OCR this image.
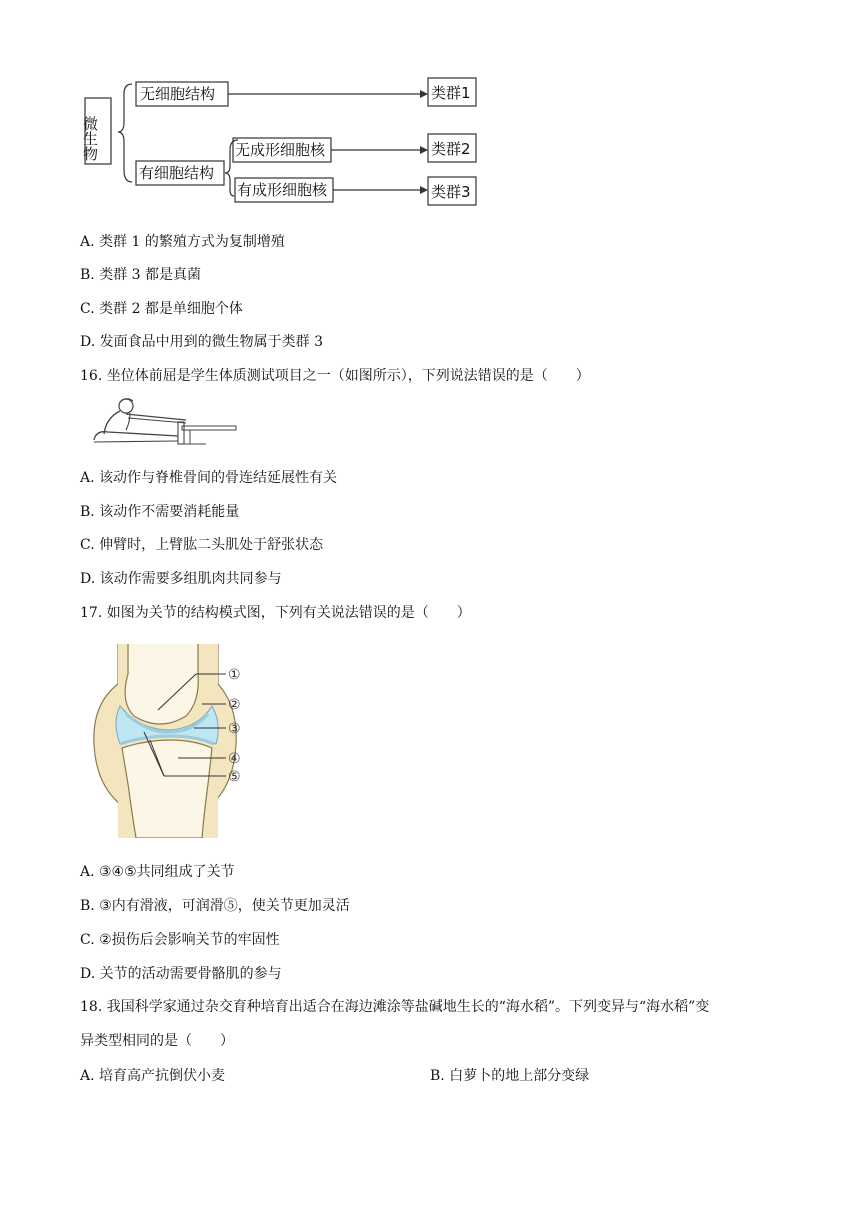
微生物
无细胞结构
有细胞结构
无成形细胞核
有成形细胞核
类群1
类群2
类群3
A. 类群 1 的繁殖方式为复制增殖
B. 类群 3 都是真菌
C. 类群 2 都是单细胞个体
D. 发面食品中用到的微生物属于类群 3
16. 坐位体前屈是学生体质测试项目之一（如图所示），下列说法错误的是（　　）
A. 该动作与脊椎骨间的骨连结延展性有关
B. 该动作不需要消耗能量
C. 伸臂时，上臂肱二头肌处于舒张状态
D. 该动作需要多组肌肉共同参与
17. 如图为关节的结构模式图，下列有关说法错误的是（　　）
①
②
③
④
⑤
A. ③④⑤共同组成了关节
B. ③内有滑液，可润滑⑤，使关节更加灵活
C. ②损伤后会影响关节的牢固性
D. 关节的活动需要骨骼肌的参与
18. 我国科学家通过杂交育种培育出适合在海边滩涂等盐碱地生长的“海水稻”。下列变异与“海水稻”变
异类型相同的是（　　）
A. 培育高产抗倒伏小麦	B. 白萝卜的地上部分变绿
